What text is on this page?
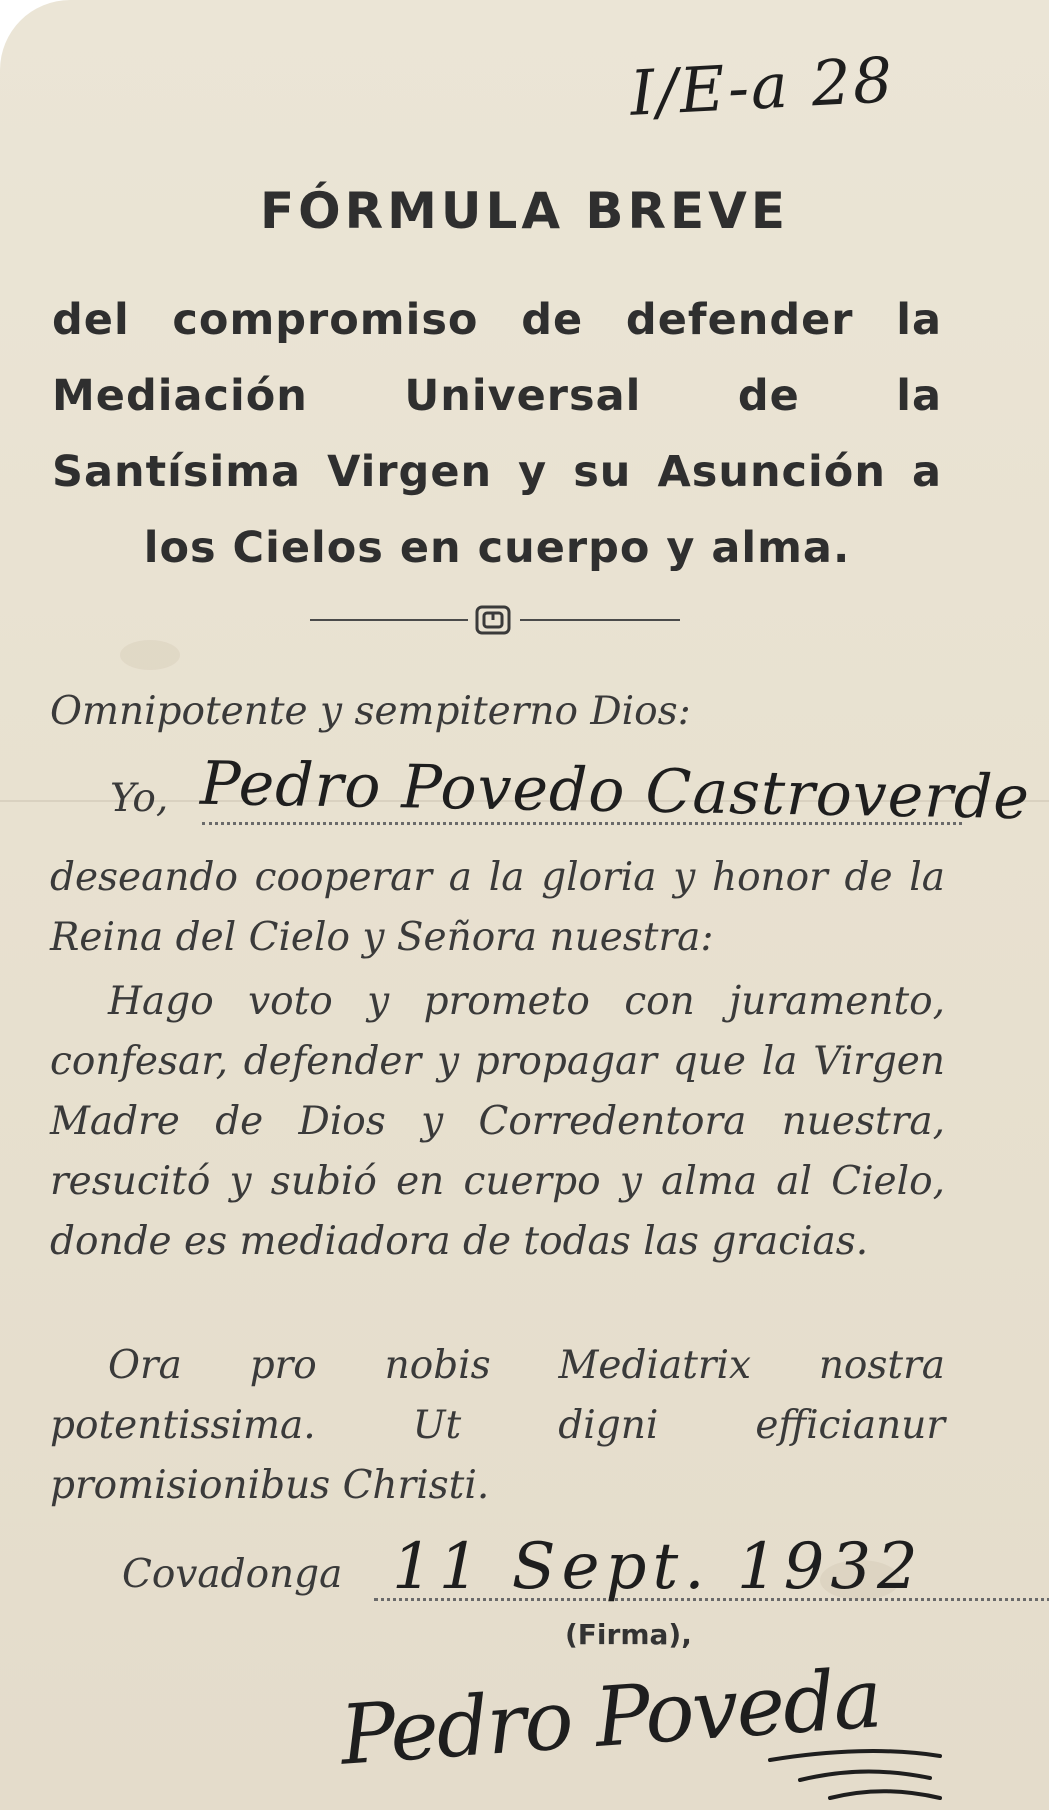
I/E-a 28
FÓRMULA BREVE
del compromiso de defender la Mediación Universal de la Santísima Virgen y su Asunción a los Cielos en cuerpo y alma.
Omnipotente y sempiterno Dios:
Yo, Pedro Povedo Castroverde
deseando cooperar a la gloria y honor de la Reina del Cielo y Señora nuestra:
Hago voto y prometo con juramento, confesar, defender y propagar que la Virgen Madre de Dios y Corredentora nuestra, resucitó y subió en cuerpo y alma al Cielo, donde es mediadora de todas las gracias.
Ora pro nobis Mediatrix nostra potentissima. Ut digni efficianur promisionibus Christi.
Covadonga 11 Sept. 1932
(Firma),
Pedro Poveda
